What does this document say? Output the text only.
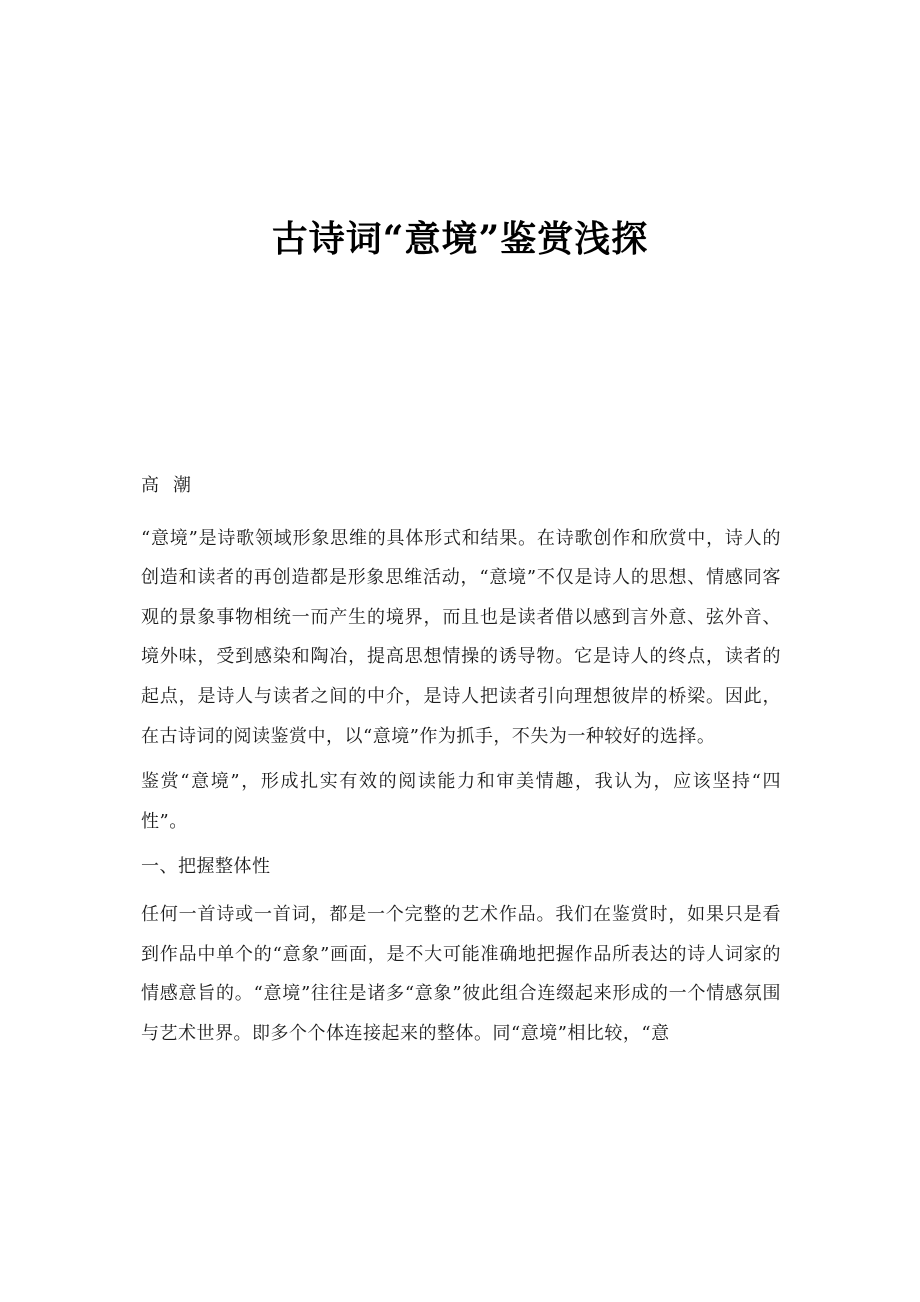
古诗词“意境”鉴赏浅探
高潮
“意境”是诗歌领域形象思维的具体形式和结果。在诗歌创作和欣赏中，诗人的创造和读者的再创造都是形象思维活动，“意境”不仅是诗人的思想、情感同客观的景象事物相统一而产生的境界，而且也是读者借以感到言外意、弦外音、境外味，受到感染和陶冶，提高思想情操的诱导物。它是诗人的终点，读者的起点，是诗人与读者之间的中介，是诗人把读者引向理想彼岸的桥梁。因此，在古诗词的阅读鉴赏中，以“意境”作为抓手，不失为一种较好的选择。
鉴赏“意境”，形成扎实有效的阅读能力和审美情趣，我认为，应该坚持“四性”。
一、把握整体性
任何一首诗或一首词，都是一个完整的艺术作品。我们在鉴赏时，如果只是看到作品中单个的“意象”画面，是不大可能准确地把握作品所表达的诗人词家的情感意旨的。“意境”往往是诸多“意象”彼此组合连缀起来形成的一个情感氛围与艺术世界。即多个个体连接起来的整体。同“意境”相比较，“意
